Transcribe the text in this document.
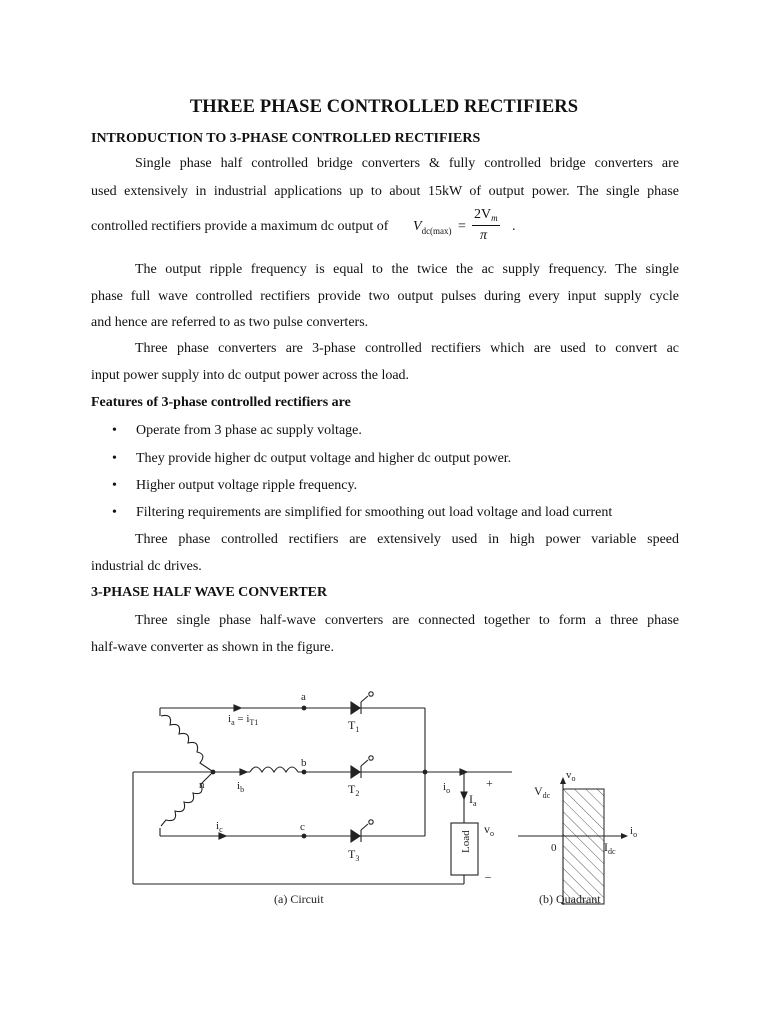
THREE PHASE CONTROLLED RECTIFIERS
INTRODUCTION TO 3-PHASE CONTROLLED RECTIFIERS
Single phase half controlled bridge converters & fully controlled bridge converters are
used extensively in industrial applications up to about 15kW of output power. The single phase
controlled rectifiers provide a maximum dc output of $V_{dc(max)}$ =
$2V_m$
π
.
The output ripple frequency is equal to the twice the ac supply frequency. The single
phase full wave controlled rectifiers provide two output pulses during every input supply cycle
and hence are referred to as two pulse converters.
Three phase converters are 3-phase controlled rectifiers which are used to convert ac
input power supply into dc output power across the load.
Features of 3-phase controlled rectifiers are
• Operate from 3 phase ac supply voltage.
• They provide higher dc output voltage and higher dc output power.
• Higher output voltage ripple frequency.
• Filtering requirements are simplified for smoothing out load voltage and load current
Three phase controlled rectifiers are extensively used in high power variable speed
industrial dc drives.
3-PHASE HALF WAVE CONVERTER
Three single phase half-wave converters are connected together to form a three phase
half-wave converter as shown in the figure.
a
b
c
n
$i_a = i_{T1}$
$i_b$
$i_c$
$T_1$
$T_2$
$T_3$
$i_o$
$I_a$
+
–
$v_o$
Load
(a) Circuit
$v_o$
$i_o$
$V_{dc}$
$I_{dc}$
0
(b) Quadrant
